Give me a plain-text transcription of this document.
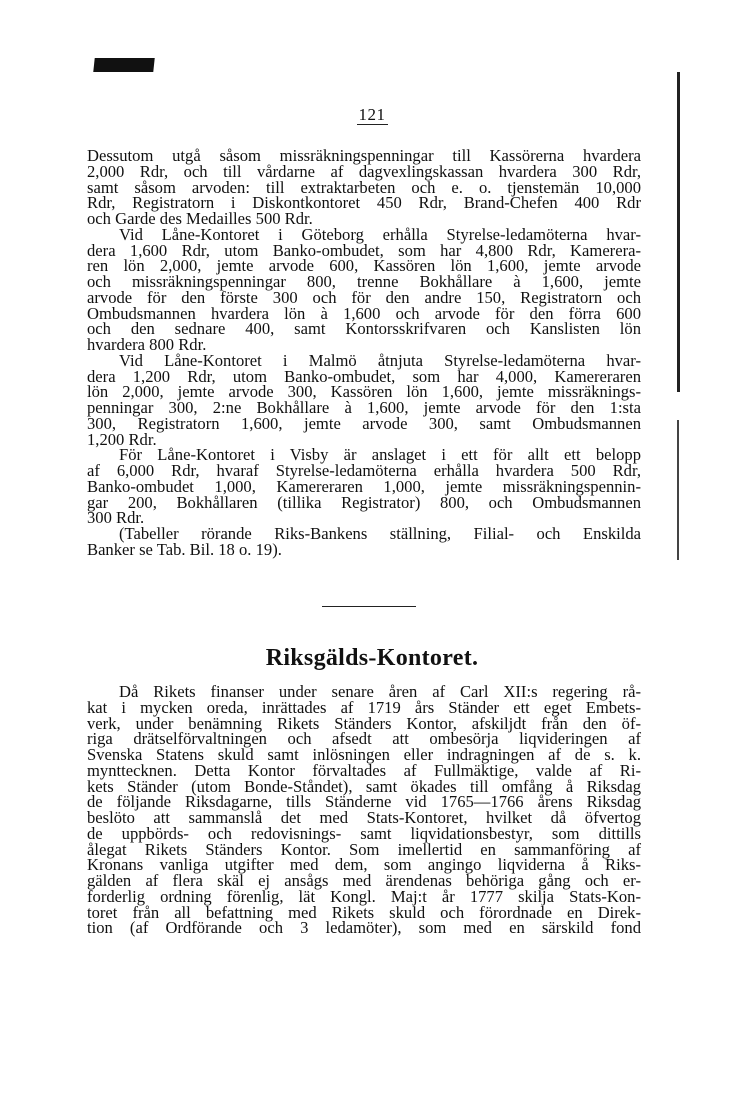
121
Dessutom utgå såsom missräkningspenningar till Kassörerna hvardera
2,000 Rdr, och till vårdarne af dagvexlingskassan hvardera 300 Rdr,
samt såsom arvoden: till extraktarbeten och e. o. tjenstemän 10,000
Rdr, Registratorn i Diskontkontoret 450 Rdr, Brand-Chefen 400 Rdr
och Garde des Medailles 500 Rdr.
Vid Låne-Kontoret i Göteborg erhålla Styrelse-ledamöterna hvar-
dera 1,600 Rdr, utom Banko-ombudet, som har 4,800 Rdr, Kamerera-
ren lön 2,000, jemte arvode 600, Kassören lön 1,600, jemte arvode
och missräkningspenningar 800, trenne Bokhållare à 1,600, jemte
arvode för den förste 300 och för den andre 150, Registratorn och
Ombudsmannen hvardera lön à 1,600 och arvode för den förra 600
och den sednare 400, samt Kontorsskrifvaren och Kanslisten lön
hvardera 800 Rdr.
Vid Låne-Kontoret i Malmö åtnjuta Styrelse-ledamöterna hvar-
dera 1,200 Rdr, utom Banko-ombudet, som har 4,000, Kamereraren
lön 2,000, jemte arvode 300, Kassören lön 1,600, jemte missräknings-
penningar 300, 2:ne Bokhållare à 1,600, jemte arvode för den 1:sta
300, Registratorn 1,600, jemte arvode 300, samt Ombudsmannen
1,200 Rdr.
För Låne-Kontoret i Visby är anslaget i ett för allt ett belopp
af 6,000 Rdr, hvaraf Styrelse-ledamöterna erhålla hvardera 500 Rdr,
Banko-ombudet 1,000, Kamereraren 1,000, jemte missräkningspennin-
gar 200, Bokhållaren (tillika Registrator) 800, och Ombudsmannen
300 Rdr.
(Tabeller rörande Riks-Bankens ställning, Filial- och Enskilda
Banker se Tab. Bil. 18 o. 19).
Riksgälds-Kontoret.
Då Rikets finanser under senare åren af Carl XII:s regering rå-
kat i mycken oreda, inrättades af 1719 års Ständer ett eget Embets-
verk, under benämning Rikets Ständers Kontor, afskiljdt från den öf-
riga drätselförvaltningen och afsedt att ombesörja liqvideringen af
Svenska Statens skuld samt inlösningen eller indragningen af de s. k.
mynttecknen. Detta Kontor förvaltades af Fullmäktige, valde af Ri-
kets Ständer (utom Bonde-Ståndet), samt ökades till omfång å Riksdag
de följande Riksdagarne, tills Ständerne vid 1765—1766 årens Riksdag
beslöto att sammanslå det med Stats-Kontoret, hvilket då öfvertog
de uppbörds- och redovisnings- samt liqvidationsbestyr, som dittills
ålegat Rikets Ständers Kontor. Som imellertid en sammanföring af
Kronans vanliga utgifter med dem, som angingo liqviderna å Riks-
gälden af flera skäl ej ansågs med ärendenas behöriga gång och er-
forderlig ordning förenlig, lät Kongl. Maj:t år 1777 skilja Stats-Kon-
toret från all befattning med Rikets skuld och förordnade en Direk-
tion (af Ordförande och 3 ledamöter), som med en särskild fond
